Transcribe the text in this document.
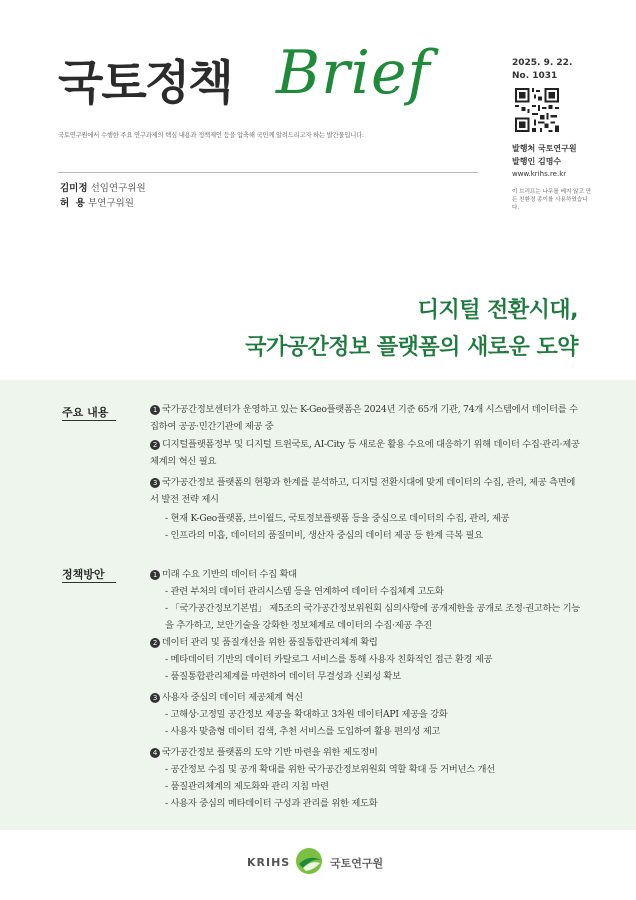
국토정책 Brief
국토연구원에서 수행한 주요 연구과제의 핵심 내용과 정책제언 등을 압축해 국민께 알려드리고자 하는 발간물입니다.
2025. 9. 22.
No. 1031
발행처 국토연구원
발행인 김명수
www.krihs.re.kr
이 브리프는 나무를 베지 않고 만든 친환경 종이를 사용하였습니다.
김미정 선임연구위원
허  용 부연구위원
디지털 전환시대,
국가공간정보 플랫폼의 새로운 도약
주요 내용	1 국가공간정보센터가 운영하고 있는 K-Geo플랫폼은 2024년 기준 65개 기관, 74개 시스템에서 데이터를 수집하여 공공·민간기관에 제공 중
2 디지털플랫폼정부 및 디지털 트윈국토, AI-City 등 새로운 활용 수요에 대응하기 위해 데이터 수집·관리·제공체계의 혁신 필요
3 국가공간정보 플랫폼의 현황과 한계를 분석하고, 디지털 전환시대에 맞게 데이터의 수집, 관리, 제공 측면에서 발전 전략 제시
- 현재 K-Geo플랫폼, 브이월드, 국토정보플랫폼 등을 중심으로 데이터의 수집, 관리, 제공
- 인프라의 미흡, 데이터의 품질미비, 생산자 중심의 데이터 제공 등 한계 극복 필요
정책방안	1 미래 수요 기반의 데이터 수집 확대
- 관련 부처의 데이터 관리시스템 등을 연계하여 데이터 수집체계 고도화
- 「국가공간정보기본법」 제5조의 국가공간정보위원회 심의사항에 공개제한을 공개로 조정·권고하는 기능을 추가하고, 보안기술을 강화한 정보체계로 데이터의 수집·제공 추진
2 데이터 관리 및 품질개선을 위한 품질통합관리체계 확립
- 메타데이터 기반의 데이터 카탈로그 서비스를 통해 사용자 친화적인 접근 환경 제공
- 품질통합관리체계를 마련하여 데이터 무결성과 신뢰성 확보
3 사용자 중심의 데이터 제공체계 혁신
- 고해상·고정밀 공간정보 제공을 확대하고 3차원 데이터API 제공을 강화
- 사용자 맞춤형 데이터 검색, 추천 서비스를 도입하여 활용 편의성 제고
4 국가공간정보 플랫폼의 도약 기반 마련을 위한 제도정비
- 공간정보 수집 및 공개 확대를 위한 국가공간정보위원회 역할 확대 등 거버넌스 개선
- 품질관리체계의 제도화와 관리 지침 마련
- 사용자 중심의 메타데이터 구성과 관리를 위한 제도화
KRIHS	국토연구원
